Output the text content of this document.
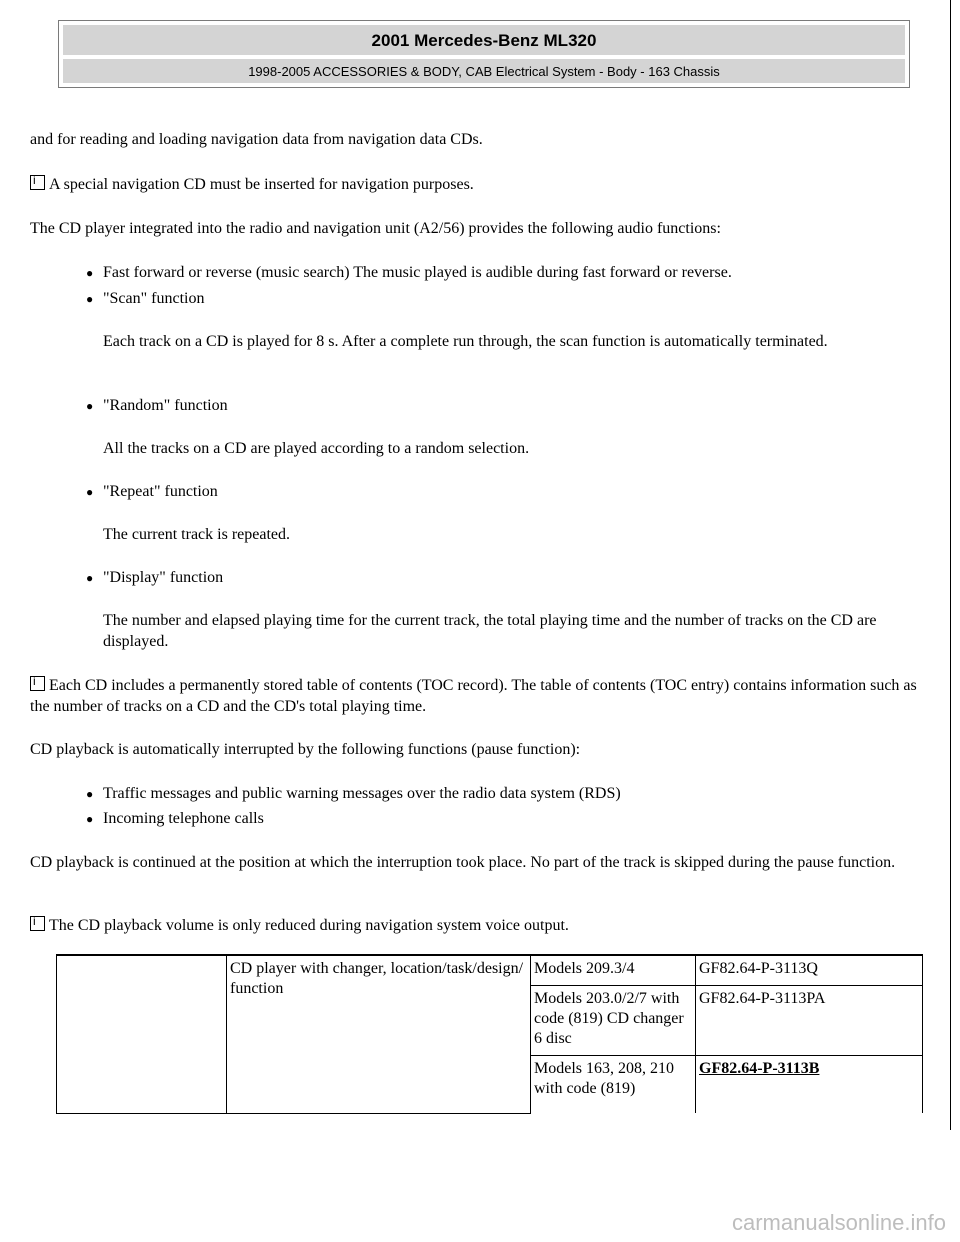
2001 Mercedes-Benz ML320
1998-2005 ACCESSORIES & BODY, CAB Electrical System - Body - 163 Chassis
and for reading and loading navigation data from navigation data CDs.
i A special navigation CD must be inserted for navigation purposes.
The CD player integrated into the radio and navigation unit (A2/56) provides the following audio functions:
● Fast forward or reverse (music search) The music played is audible during fast forward or reverse.
● "Scan" function
Each track on a CD is played for 8 s. After a complete run through, the scan function is automatically terminated.
● "Random" function
All the tracks on a CD are played according to a random selection.
● "Repeat" function
The current track is repeated.
● "Display" function
The number and elapsed playing time for the current track, the total playing time and the number of tracks on the CD are displayed.
i Each CD includes a permanently stored table of contents (TOC record). The table of contents (TOC entry) contains information such as the number of tracks on a CD and the CD's total playing time.
CD playback is automatically interrupted by the following functions (pause function):
● Traffic messages and public warning messages over the radio data system (RDS)
● Incoming telephone calls
CD playback is continued at the position at which the interruption took place. No part of the track is skipped during the pause function.
i The CD playback volume is only reduced during navigation system voice output.
	CD player with changer, location/task/design/ function	Models 209.3/4	GF82.64-P-3113Q
		Models 203.0/2/7 with code (819) CD changer 6 disc	GF82.64-P-3113PA
		Models 163, 208, 210 with code (819)	GF82.64-P-3113B
carmanualsonline.info
